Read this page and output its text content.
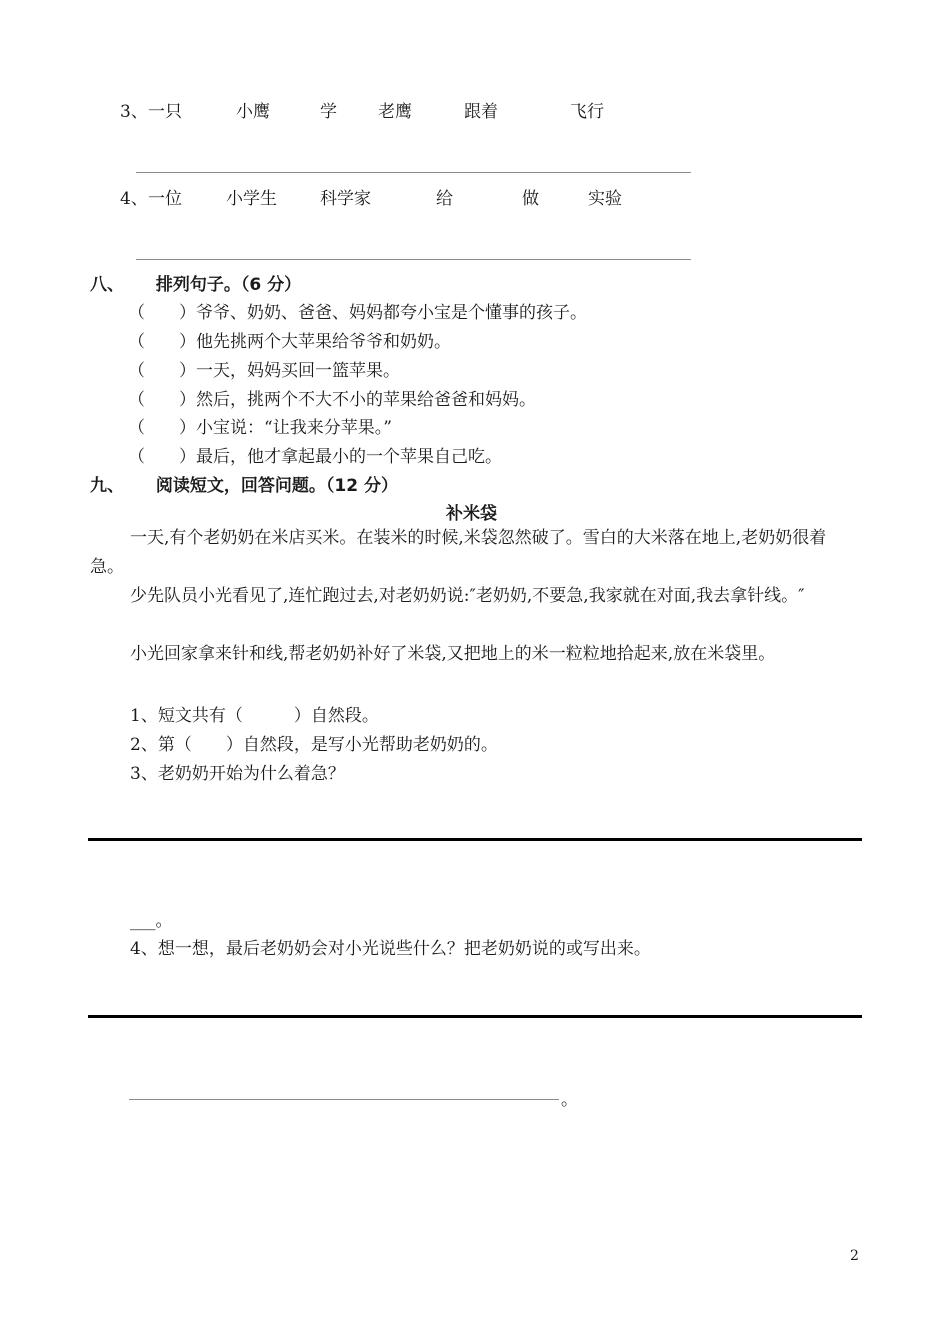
3、 一只	小鹰	学 老鹰	跟着	飞行
4、 一位	小学生	科学家	给	做	实验
八、 排列句子。（6 分）
（　　）爷爷、奶奶、爸爸、妈妈都夸小宝是个懂事的孩子。
（　　）他先挑两个大苹果给爷爷和奶奶。
（　　）一天，妈妈买回一篮苹果。
（　　）然后，挑两个不大不小的苹果给爸爸和妈妈。
（　　）小宝说：“让我来分苹果。”
（　　）最后，他才拿起最小的一个苹果自己吃。
九、 阅读短文，回答问题。（12 分）
补米袋
一天,有个老奶奶在米店买米。在装米的时候,米袋忽然破了。雪白的大米落在地上,老奶奶很着急。
少先队员小光看见了,连忙跑过去,对老奶奶说:″老奶奶,不要急,我家就在对面,我去拿针线。″
小光回家拿来针和线,帮老奶奶补好了米袋,又把地上的米一粒粒地拾起来,放在米袋里。
1、短文共有（　　　）自然段。
2、第（　　）自然段，是写小光帮助老奶奶的。
3、老奶奶开始为什么着急？
___。
4、想一想，最后老奶奶会对小光说些什么？把老奶奶说的或写出来。
。
2
